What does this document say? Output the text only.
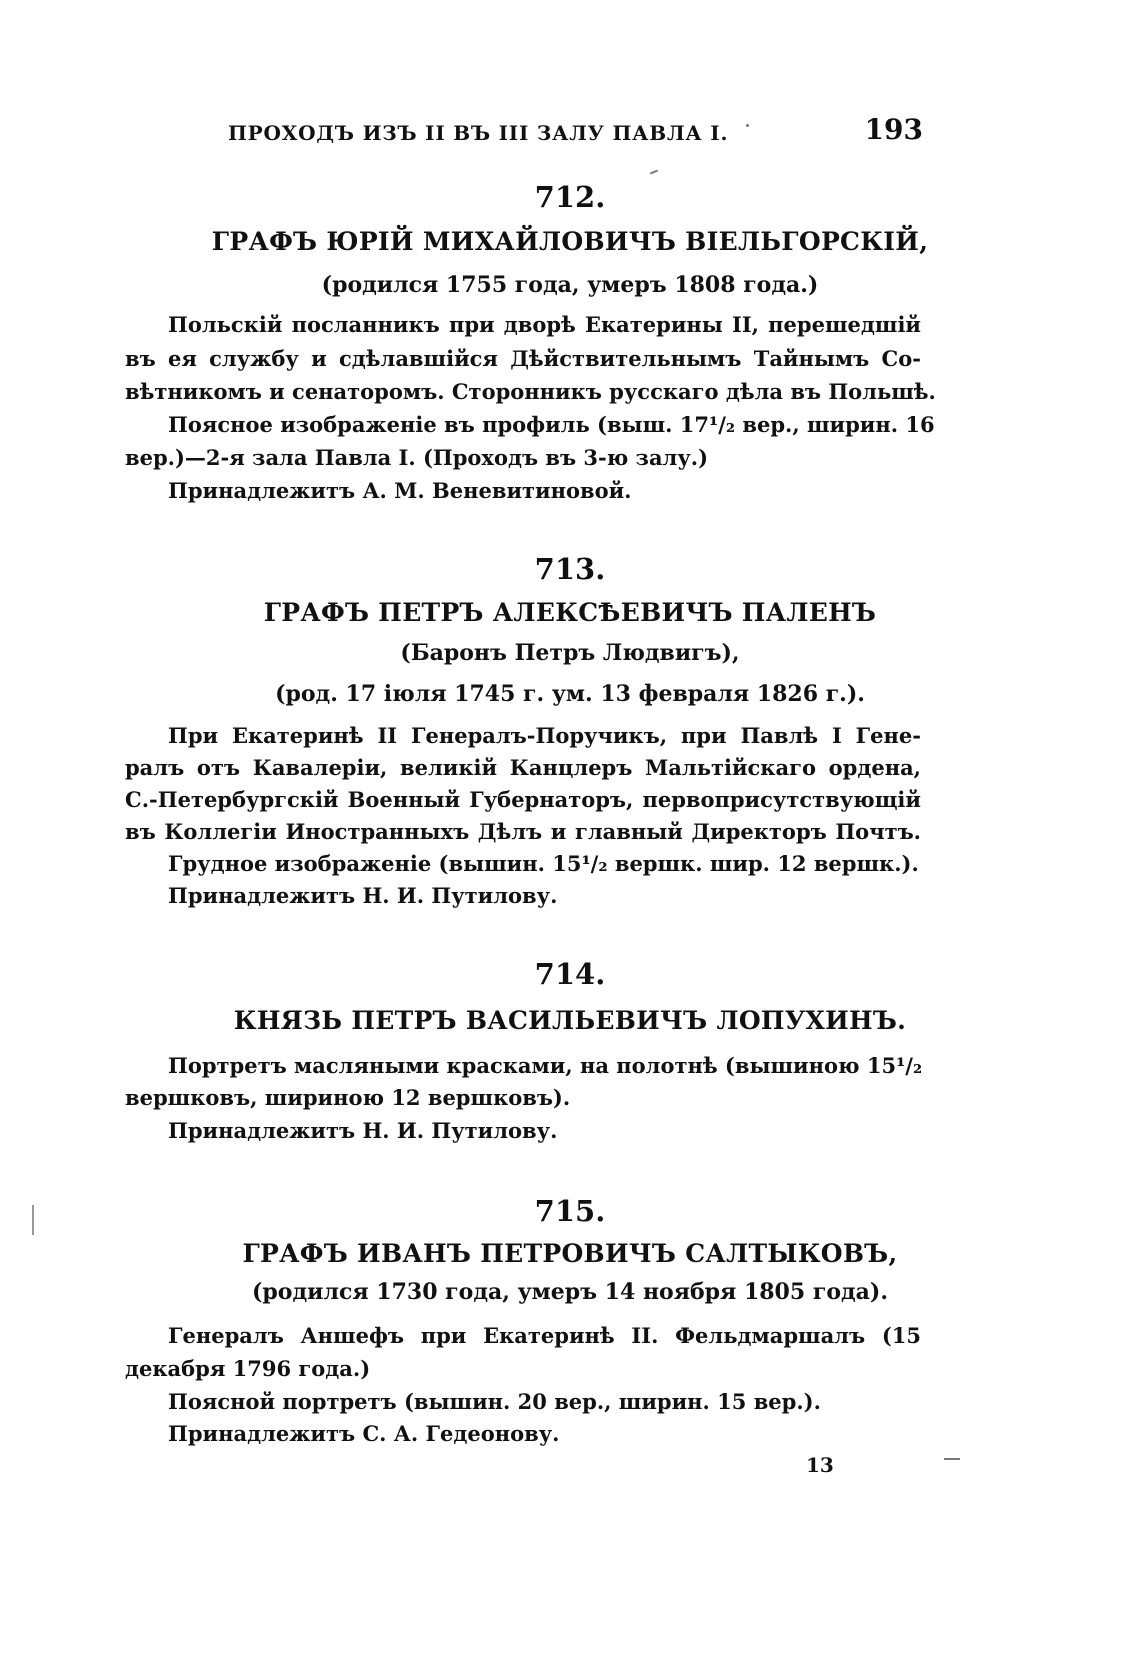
ПРОХОДЪ ИЗЪ II ВЪ III ЗАЛУ ПАВЛА I.	193
712.
ГРАФЪ ЮРІЙ МИХАЙЛОВИЧЪ ВІЕЛЬГОРСКІЙ,
(родился 1755 года, умеръ 1808 года.)
Польскій посланникъ при дворѣ Екатерины II, перешедшій
въ ея службу и сдѣлавшійся Дѣйствительнымъ Тайнымъ Со-
вѣтникомъ и сенаторомъ. Сторонникъ русскаго дѣла въ Польшѣ.
Поясное изображеніе въ профиль (выш. 17¹/₂ вер., ширин. 16
вер.)—2-я зала Павла I. (Проходъ въ 3-ю залу.)
Принадлежитъ А. М. Веневитиновой.
713.
ГРАФЪ ПЕТРЪ АЛЕКСѢЕВИЧЪ ПАЛЕНЪ
(Баронъ Петръ Людвигъ),
(род. 17 іюля 1745 г. ум. 13 февраля 1826 г.).
При Екатеринѣ II Генералъ-Поручикъ, при Павлѣ I Гене-
ралъ отъ Кавалеріи, великій Канцлеръ Мальтійскаго ордена,
С.-Петербургскій Военный Губернаторъ, первоприсутствующій
въ Коллегіи Иностранныхъ Дѣлъ и главный Директоръ Почтъ.
Грудное изображеніе (вышин. 15¹/₂ вершк. шир. 12 вершк.).
Принадлежитъ Н. И. Путилову.
714.
КНЯЗЬ ПЕТРЪ ВАСИЛЬЕВИЧЪ ЛОПУХИНЪ.
Портретъ масляными красками, на полотнѣ (вышиною 15¹/₂
вершковъ, шириною 12 вершковъ).
Принадлежитъ Н. И. Путилову.
715.
ГРАФЪ ИВАНЪ ПЕТРОВИЧЪ САЛТЫКОВЪ,
(родился 1730 года, умеръ 14 ноября 1805 года).
Генералъ Аншефъ при Екатеринѣ II. Фельдмаршалъ (15
декабря 1796 года.)
Поясной портретъ (вышин. 20 вер., ширин. 15 вер.).
Принадлежитъ С. А. Гедеонову.
13
